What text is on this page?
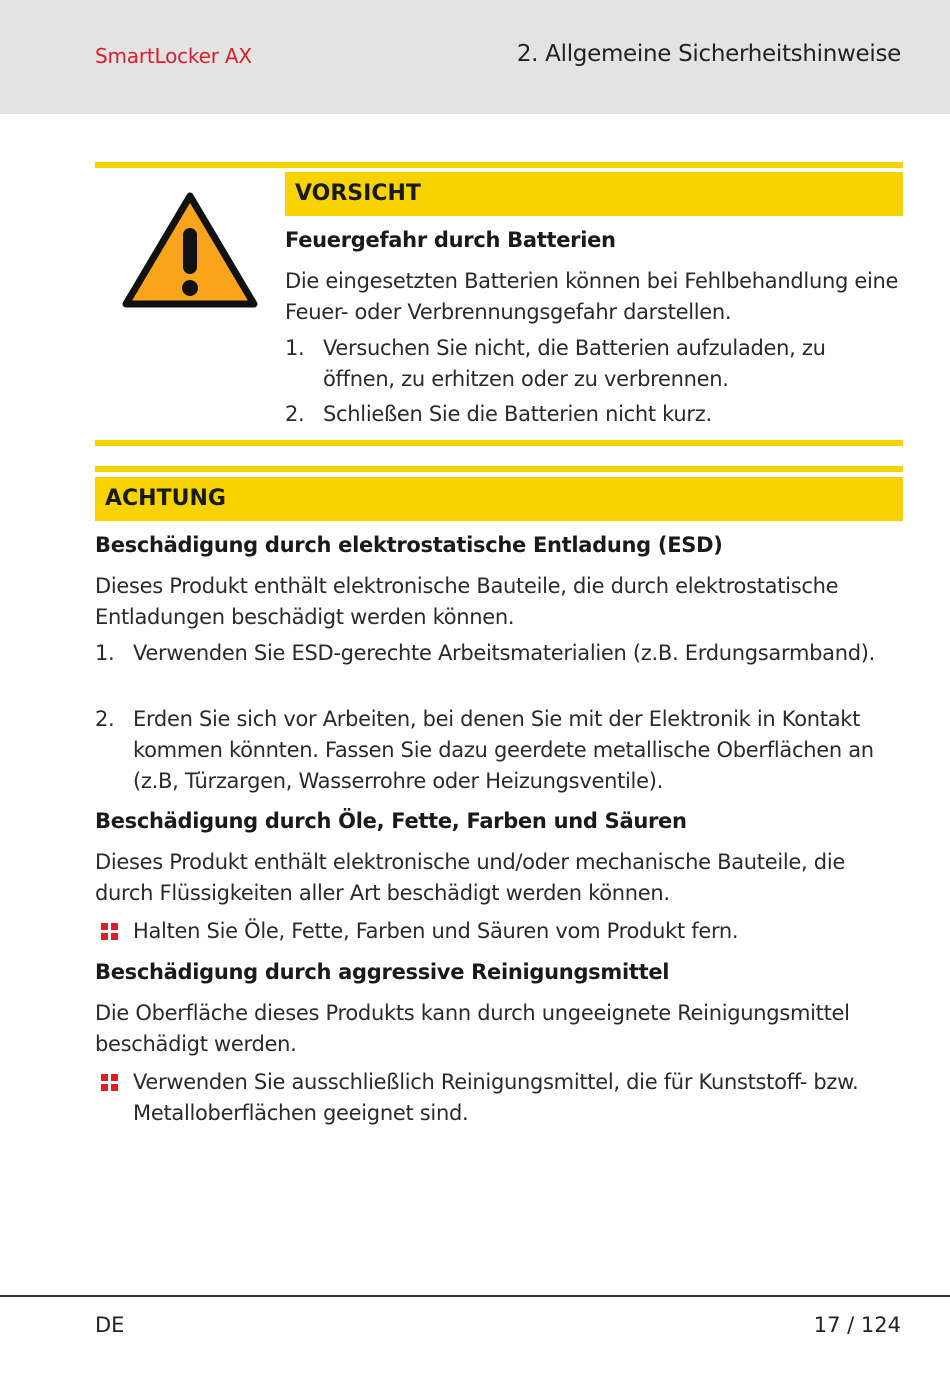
SmartLocker AX	2. Allgemeine Sicherheitshinweise
VORSICHT
Feuergefahr durch Batterien

Die eingesetzten Batterien können bei Fehlbehandlung eine Feuer- oder Verbrennungsgefahr darstellen.

1. Versuchen Sie nicht, die Batterien aufzuladen, zu öffnen, zu erhitzen oder zu verbrennen.
2. Schließen Sie die Batterien nicht kurz.
ACHTUNG
Beschädigung durch elektrostatische Entladung (ESD)

Dieses Produkt enthält elektronische Bauteile, die durch elektrostatische Entladungen beschädigt werden können.

1. Verwenden Sie ESD-gerechte Arbeitsmaterialien (z.B. Erdungsarmband).
2. Erden Sie sich vor Arbeiten, bei denen Sie mit der Elektronik in Kontakt kommen könnten. Fassen Sie dazu geerdete metallische Oberflächen an (z.B, Türzargen, Wasserrohre oder Heizungsventile).
Beschädigung durch Öle, Fette, Farben und Säuren

Dieses Produkt enthält elektronische und/oder mechanische Bauteile, die durch Flüssigkeiten aller Art beschädigt werden können.

Halten Sie Öle, Fette, Farben und Säuren vom Produkt fern.
Beschädigung durch aggressive Reinigungsmittel

Die Oberfläche dieses Produkts kann durch ungeeignete Reinigungsmittel beschädigt werden.

Verwenden Sie ausschließlich Reinigungsmittel, die für Kunststoff- bzw. Metalloberflächen geeignet sind.
DE	17 / 124
